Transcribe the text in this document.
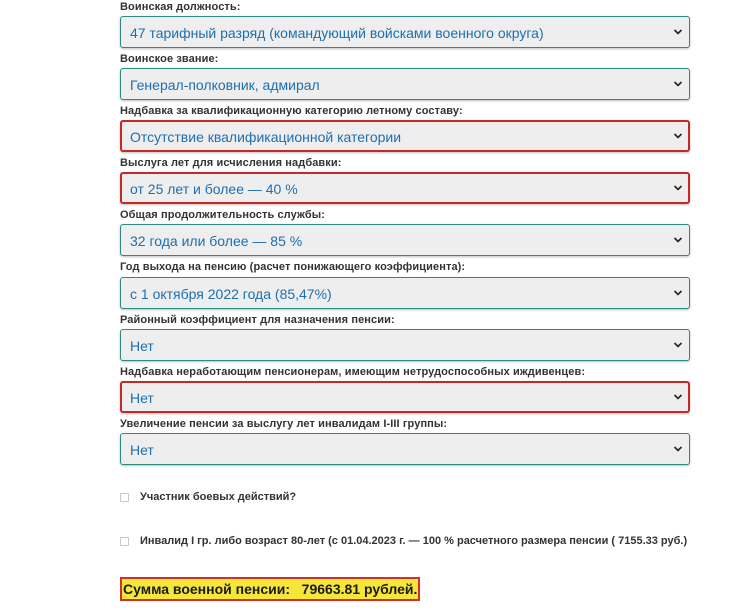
Воинская должность:
47 тарифный разряд (командующий войсками военного округа)
Воинское звание:
Генерал-полковник, адмирал
Надбавка за квалификационную категорию летному составу:
Отсутствие квалификационной категории
Выслуга лет для исчисления надбавки:
от 25 лет и более — 40 %
Общая продолжительность службы:
32 года или более — 85 %
Год выхода на пенсию (расчет понижающего коэффициента):
с 1 октября 2022 года (85,47%)
Районный коэффициент для назначения пенсии:
Нет
Надбавка неработающим пенсионерам, имеющим нетрудоспособных иждивенцев:
Нет
Увеличение пенсии за выслугу лет инвалидам I-III группы:
Нет
Участник боевых действий?
Инвалид I гр. либо возраст 80-лет (с 01.04.2023 г. — 100 % расчетного размера пенсии ( 7155.33 руб.)
Сумма военной пенсии: 79663.81 рублей.
